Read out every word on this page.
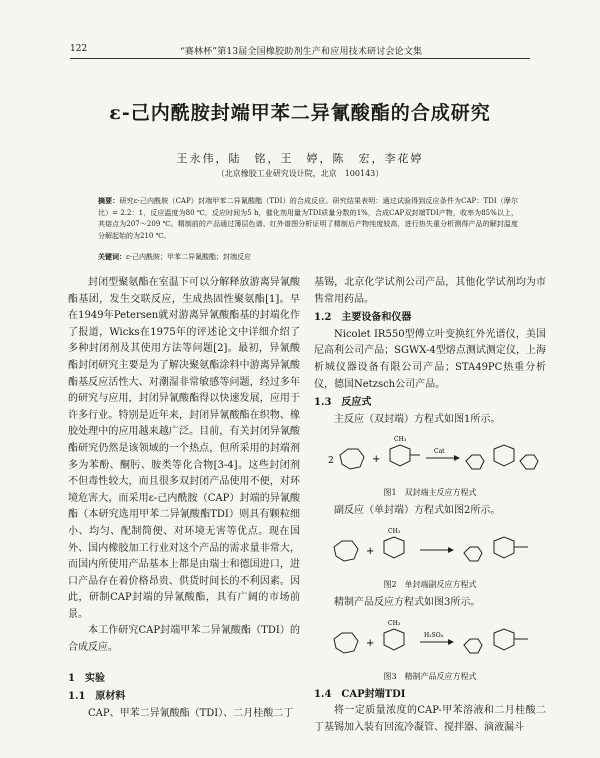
122	“赛林杯”第13届全国橡胶助剂生产和应用技术研讨会论文集
ε-己内酰胺封端甲苯二异氰酸酯的合成研究
王永伟，陆　铭，王　婷，陈　宏，李花婷
（北京橡胶工业研究设计院，北京　100143）
摘要：研究ε-己内酰胺（CAP）封端甲苯二异氰酸酯（TDI）的合成反应。研究结果表明：通过试验得到反应条件为CAP：TDI（摩尔比）= 2.2：1，反应温度为80 ℃，反应时间为5 h，催化剂用量为TDI质量分数的1%，合成CAP双封端TDI产物，收率为85%以上，其熔点为207～209 ℃。精制前的产品通过薄层色谱、红外谱图分析证明了精制后产物纯度较高，进行热失重分析测得产品的解封温度分解起始的为210 ℃。
关键词：ε-己内酰胺；甲苯二异氰酸酯；封端反应

封闭型聚氨酯在室温下可以分解释放游离异氰酸酯基团，发生交联反应，生成热固性聚氨酯[1]。早在1949年Petersen就对游离异氰酸酯基的封端化作了报道，Wicks在1975年的评述论文中详细介绍了多种封闭剂及其使用方法等问题[2]。最初，异氰酸酯封闭研究主要是为了解决聚氨酯涂料中游离异氰酸酯基反应活性大、对潮湿非常敏感等问题，经过多年的研究与应用，封闭异氰酸酯得以快速发展，应用于许多行业。特别是近年来，封闭异氰酸酯在织物、橡胶处理中的应用越来越广泛。目前，有关封闭异氰酸酯研究仍然是该领域的一个热点，但所采用的封端剂多为苯酚、酮肟、胺类等化合物[3-4]。这些封闭剂不但毒性较大，而且很多双封闭产品使用不便，对环境危害大，而采用ε-己内酰胺（CAP）封端的异氰酸酯（本研究选用甲苯二异氰酸酯TDI）则具有颗粒细小、均匀、配制简便、对环境无害等优点。现在国外、国内橡胶加工行业对这个产品的需求量非常大，而国内所使用产品基本上都是由瑞士和德国进口，进口产品存在着价格昂贵、供货时间长的不利因素。因此，研制CAP封端的异氰酸酯，具有广阔的市场前景。

本工作研究CAP封端甲苯二异氰酸酯（TDI）的合成反应。

1　实验
1.1　原材料

CAP、甲苯二异氰酸酯（TDI）、二月桂酸二丁

基锡，北京化学试剂公司产品，其他化学试剂均为市售常用药品。
1.2　主要设备和仪器

Nicolet IR550型傅立叶变换红外光谱仪，美国尼高利公司产品；SGWX-4型熔点测试测定仪，上海析城仪器设备有限公司产品；STA49PC热重分析仪，德国Netzsch公司产品。

1.3　反应式

主反应（双封端）方程式如图1所示。

2	+
CH₃
Cat
图1　双封端主反应方程式

副反应（单封端）方程式如图2所示。

+
CH₃
图2　单封端副反应方程式

精制产品反应方程式如图3所示。

+
CH₃
H₂SO₄
图3　精制产品反应方程式
1.4　CAP封端TDI

将一定质量浓度的CAP-甲苯溶液和二月桂酸二丁基锡加入装有回流冷凝管、搅拌器、滴液漏斗
